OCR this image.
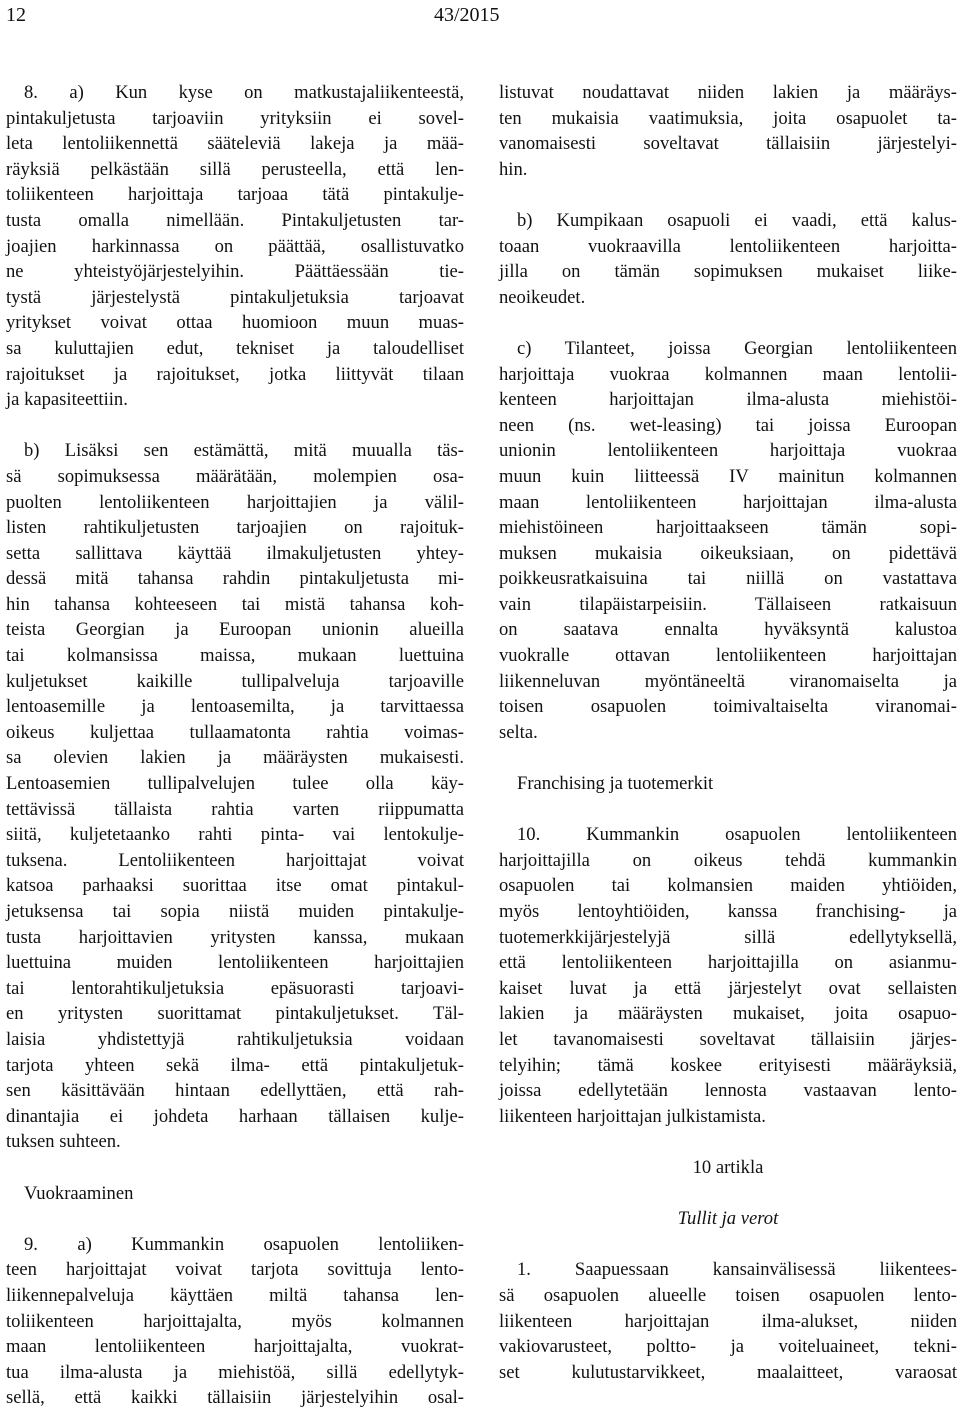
12	43/2015
8. a) Kun kyse on matkustajaliikenteestä,
pintakuljetusta tarjoaviin yrityksiin ei sovel-
leta lentoliikennettä sääteleviä lakeja ja mää-
räyksiä pelkästään sillä perusteella, että len-
toliikenteen harjoittaja tarjoaa tätä pintakulje-
tusta omalla nimellään. Pintakuljetusten tar-
joajien harkinnassa on päättää, osallistuvatko
ne yhteistyöjärjestelyihin. Päättäessään tie-
tystä järjestelystä pintakuljetuksia tarjoavat
yritykset voivat ottaa huomioon muun muas-
sa kuluttajien edut, tekniset ja taloudelliset
rajoitukset ja rajoitukset, jotka liittyvät tilaan
ja kapasiteettiin.
b) Lisäksi sen estämättä, mitä muualla täs-
sä sopimuksessa määrätään, molempien osa-
puolten lentoliikenteen harjoittajien ja välil-
listen rahtikuljetusten tarjoajien on rajoituk-
setta sallittava käyttää ilmakuljetusten yhtey-
dessä mitä tahansa rahdin pintakuljetusta mi-
hin tahansa kohteeseen tai mistä tahansa koh-
teista Georgian ja Euroopan unionin alueilla
tai kolmansissa maissa, mukaan luettuina
kuljetukset kaikille tullipalveluja tarjoaville
lentoasemille ja lentoasemilta, ja tarvittaessa
oikeus kuljettaa tullaamatonta rahtia voimas-
sa olevien lakien ja määräysten mukaisesti.
Lentoasemien tullipalvelujen tulee olla käy-
tettävissä tällaista rahtia varten riippumatta
siitä, kuljetetaanko rahti pinta- vai lentokulje-
tuksena. Lentoliikenteen harjoittajat voivat
katsoa parhaaksi suorittaa itse omat pintakul-
jetuksensa tai sopia niistä muiden pintakulje-
tusta harjoittavien yritysten kanssa, mukaan
luettuina muiden lentoliikenteen harjoittajien
tai lentorahtikuljetuksia epäsuorasti tarjoavi-
en yritysten suorittamat pintakuljetukset. Täl-
laisia yhdistettyjä rahtikuljetuksia voidaan
tarjota yhteen sekä ilma- että pintakuljetuk-
sen käsittävään hintaan edellyttäen, että rah-
dinantajia ei johdeta harhaan tällaisen kulje-
tuksen suhteen.
Vuokraaminen
9. a) Kummankin osapuolen lentoliiken-
teen harjoittajat voivat tarjota sovittuja lento-
liikennepalveluja käyttäen miltä tahansa len-
toliikenteen harjoittajalta, myös kolmannen
maan lentoliikenteen harjoittajalta, vuokrat-
tua ilma-alusta ja miehistöä, sillä edellytyk-
sellä, että kaikki tällaisiin järjestelyihin osal-
listuvat noudattavat niiden lakien ja määräys-
ten mukaisia vaatimuksia, joita osapuolet ta-
vanomaisesti soveltavat tällaisiin järjestelyi-
hin.
b) Kumpikaan osapuoli ei vaadi, että kalus-
toaan vuokraavilla lentoliikenteen harjoitta-
jilla on tämän sopimuksen mukaiset liike-
neoikeudet.
c) Tilanteet, joissa Georgian lentoliikenteen
harjoittaja vuokraa kolmannen maan lentolii-
kenteen harjoittajan ilma-alusta miehistöi-
neen (ns. wet-leasing) tai joissa Euroopan
unionin lentoliikenteen harjoittaja vuokraa
muun kuin liitteessä IV mainitun kolmannen
maan lentoliikenteen harjoittajan ilma-alusta
miehistöineen harjoittaakseen tämän sopi-
muksen mukaisia oikeuksiaan, on pidettävä
poikkeusratkaisuina tai niillä on vastattava
vain tilapäistarpeisiin. Tällaiseen ratkaisuun
on saatava ennalta hyväksyntä kalustoa
vuokralle ottavan lentoliikenteen harjoittajan
liikenneluvan myöntäneeltä viranomaiselta ja
toisen osapuolen toimivaltaiselta viranomai-
selta.
Franchising ja tuotemerkit
10. Kummankin osapuolen lentoliikenteen
harjoittajilla on oikeus tehdä kummankin
osapuolen tai kolmansien maiden yhtiöiden,
myös lentoyhtiöiden, kanssa franchising- ja
tuotemerkkijärjestelyjä sillä edellytyksellä,
että lentoliikenteen harjoittajilla on asianmu-
kaiset luvat ja että järjestelyt ovat sellaisten
lakien ja määräysten mukaiset, joita osapuo-
let tavanomaisesti soveltavat tällaisiin järjes-
telyihin; tämä koskee erityisesti määräyksiä,
joissa edellytetään lennosta vastaavan lento-
liikenteen harjoittajan julkistamista.
10 artikla
Tullit ja verot
1. Saapuessaan kansainvälisessä liikentees-
sä osapuolen alueelle toisen osapuolen lento-
liikenteen harjoittajan ilma-alukset, niiden
vakiovarusteet, poltto- ja voiteluaineet, tekni-
set kulutustarvikkeet, maalaitteet, varaosat
